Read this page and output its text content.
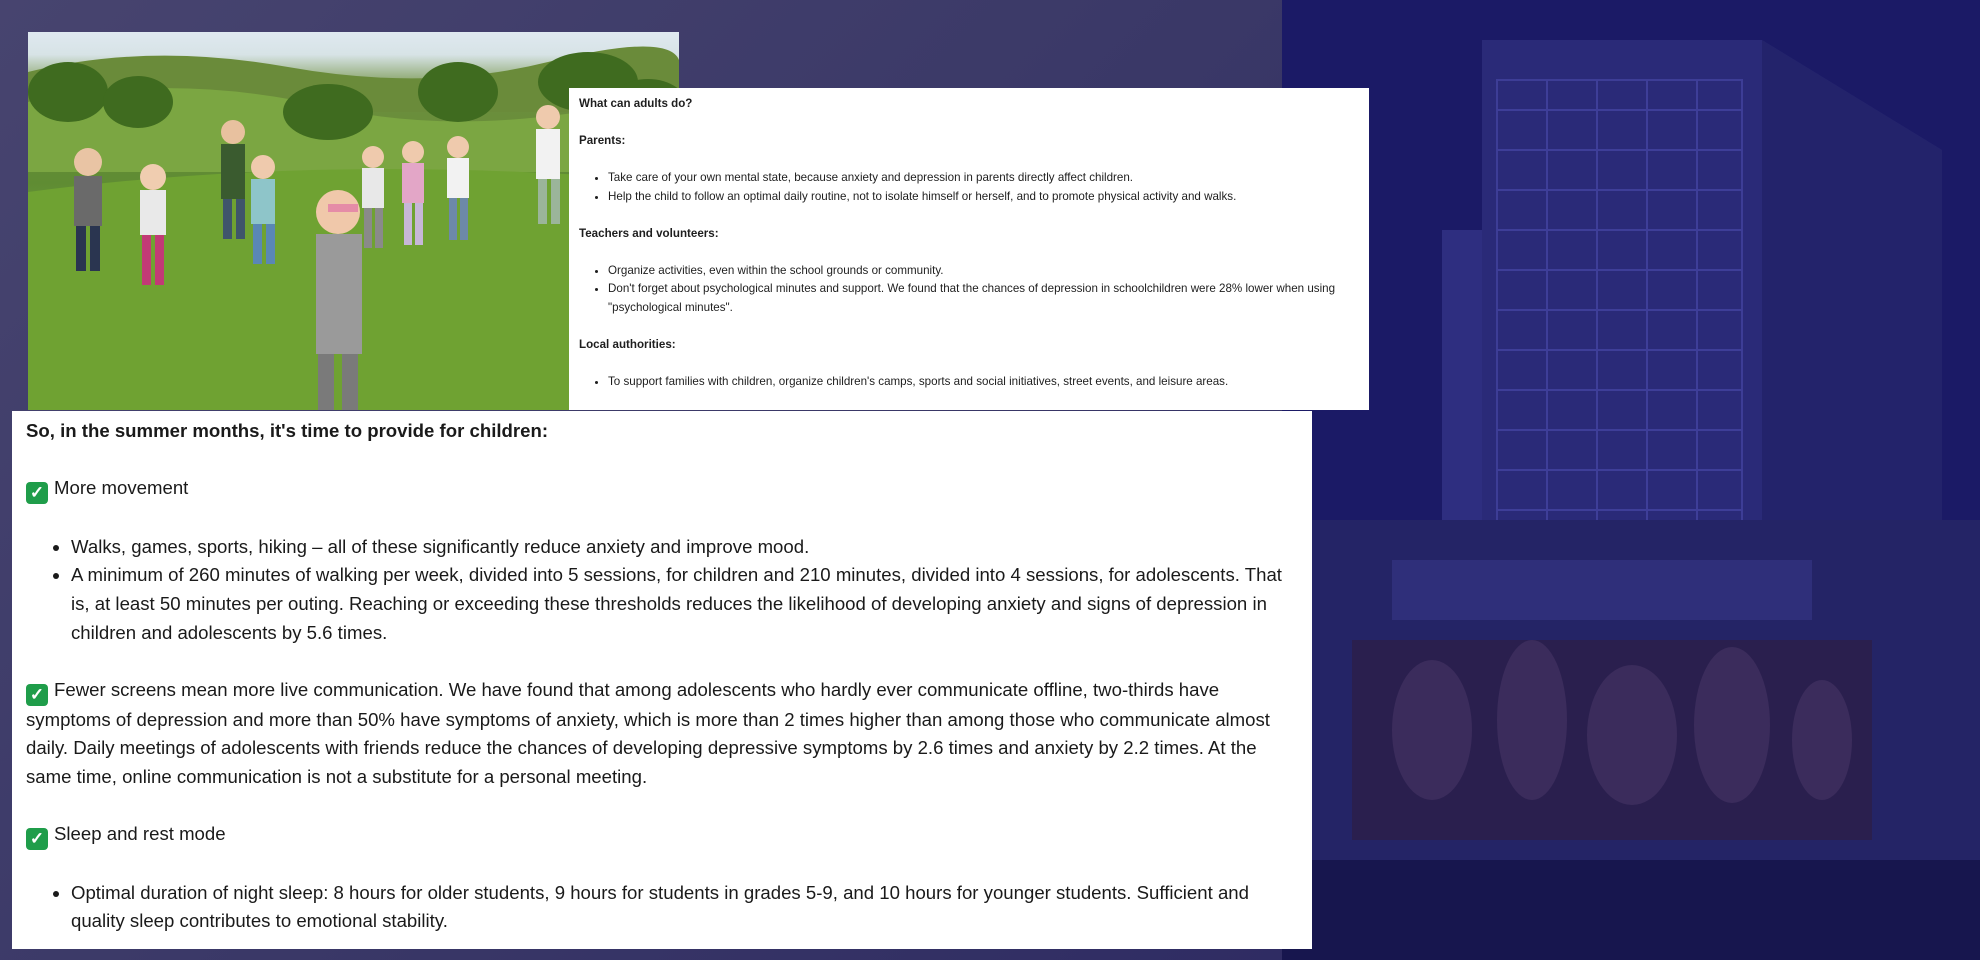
What can adults do?

Parents:

• Take care of your own mental state, because anxiety and depression in parents directly affect children.
• Help the child to follow an optimal daily routine, not to isolate himself or herself, and to promote physical activity and walks.

Teachers and volunteers:

• Organize activities, even within the school grounds or community.
• Don't forget about psychological minutes and support. We found that the chances of depression in schoolchildren were 28% lower when using "psychological minutes".

Local authorities:

• To support families with children, organize children's camps, sports and social initiatives, street events, and leisure areas.

So, in the summer months, it's time to provide for children:

✓ More movement

• Walks, games, sports, hiking – all of these significantly reduce anxiety and improve mood.
• A minimum of 260 minutes of walking per week, divided into 5 sessions, for children and 210 minutes, divided into 4 sessions, for adolescents. That is, at least 50 minutes per outing. Reaching or exceeding these thresholds reduces the likelihood of developing anxiety and signs of depression in children and adolescents by 5.6 times.

✓ Fewer screens mean more live communication. We have found that among adolescents who hardly ever communicate offline, two-thirds have symptoms of depression and more than 50% have symptoms of anxiety, which is more than 2 times higher than among those who communicate almost daily. Daily meetings of adolescents with friends reduce the chances of developing depressive symptoms by 2.6 times and anxiety by 2.2 times. At the same time, online communication is not a substitute for a personal meeting.

✓ Sleep and rest mode

• Optimal duration of night sleep: 8 hours for older students, 9 hours for students in grades 5-9, and 10 hours for younger students. Sufficient and quality sleep contributes to emotional stability.
